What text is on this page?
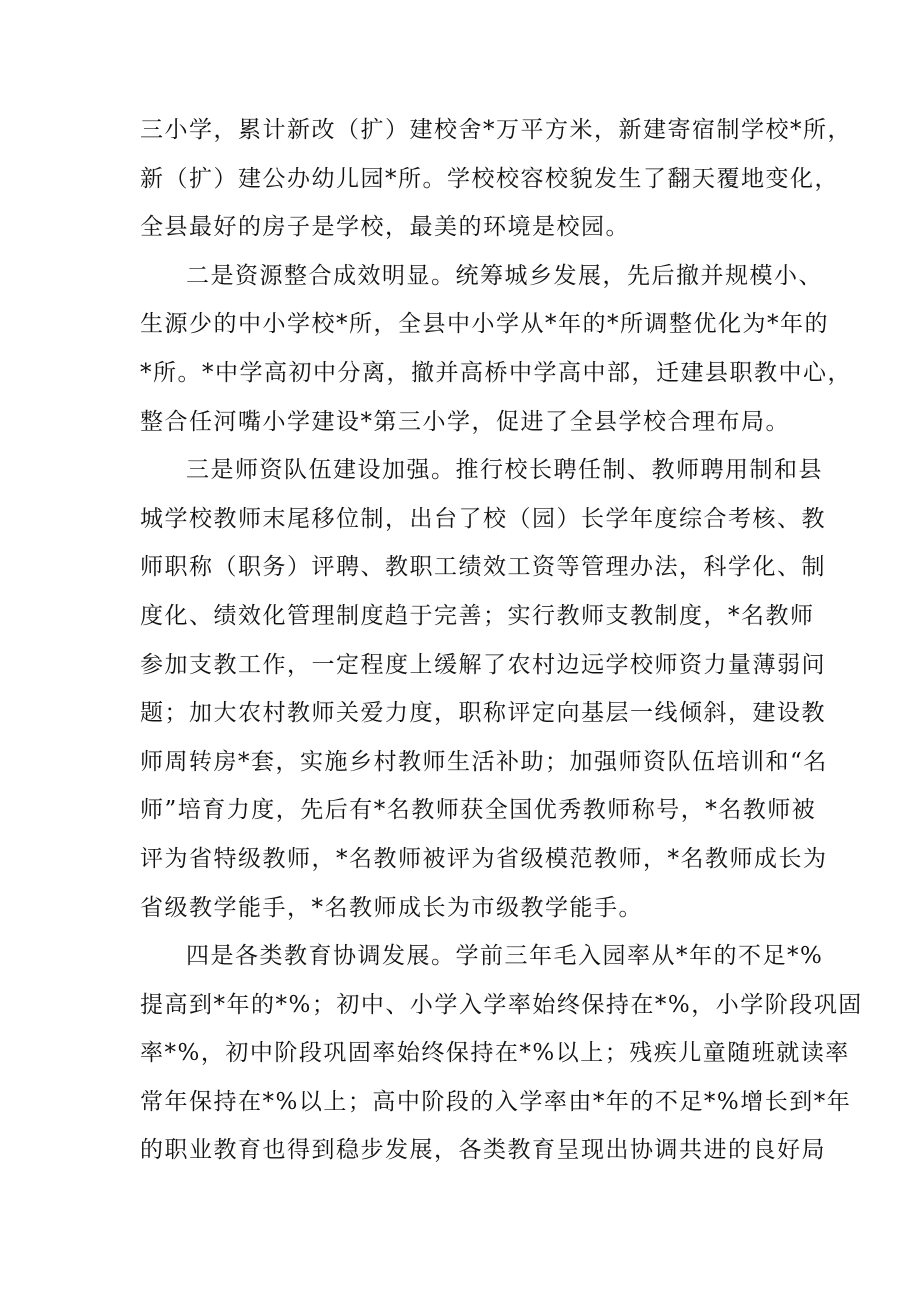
三小学，累计新改（扩）建校舍*万平方米，新建寄宿制学校*所，
新（扩）建公办幼儿园*所。学校校容校貌发生了翻天覆地变化，
全县最好的房子是学校，最美的环境是校园。
二是资源整合成效明显。统筹城乡发展，先后撤并规模小、
生源少的中小学校*所，全县中小学从*年的*所调整优化为*年的
*所。*中学高初中分离，撤并高桥中学高中部，迁建县职教中心，
整合任河嘴小学建设*第三小学，促进了全县学校合理布局。
三是师资队伍建设加强。推行校长聘任制、教师聘用制和县
城学校教师末尾移位制，出台了校（园）长学年度综合考核、教
师职称（职务）评聘、教职工绩效工资等管理办法，科学化、制
度化、绩效化管理制度趋于完善；实行教师支教制度，*名教师
参加支教工作，一定程度上缓解了农村边远学校师资力量薄弱问
题；加大农村教师关爱力度，职称评定向基层一线倾斜，建设教
师周转房*套，实施乡村教师生活补助；加强师资队伍培训和“名
师”培育力度，先后有*名教师获全国优秀教师称号，*名教师被
评为省特级教师，*名教师被评为省级模范教师，*名教师成长为
省级教学能手，*名教师成长为市级教学能手。
四是各类教育协调发展。学前三年毛入园率从*年的不足*%
提高到*年的*%；初中、小学入学率始终保持在*%，小学阶段巩固
率*%，初中阶段巩固率始终保持在*%以上；残疾儿童随班就读率
常年保持在*%以上；高中阶段的入学率由*年的不足*%增长到*年
的职业教育也得到稳步发展，各类教育呈现出协调共进的良好局
